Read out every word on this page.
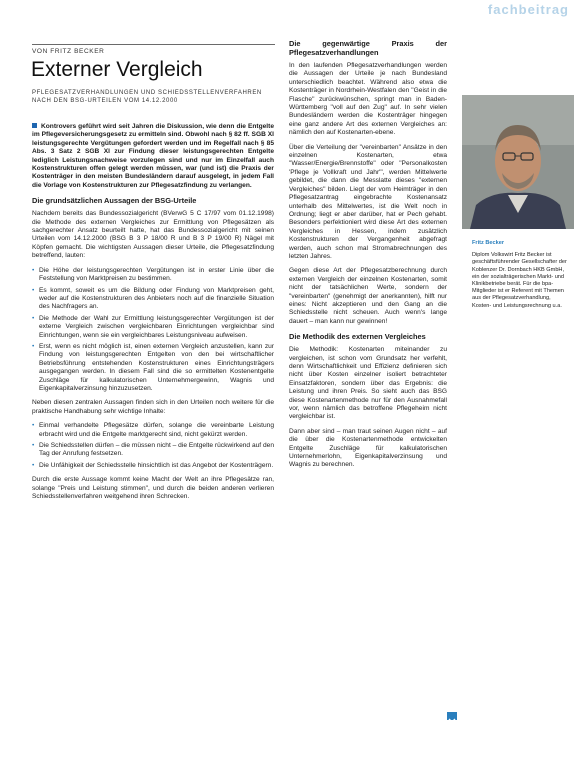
fachbeitrag
VON FRITZ BECKER
Externer Vergleich
PFLEGESATZVERHANDLUNGEN UND SCHIEDSSTELLENVERFAHREN NACH DEN BSG-URTEILEN VOM 14.12.2000

Kontrovers geführt wird seit Jahren die Diskussion, wie denn die Entgelte im Pflegeversicherungsgesetz zu ermitteln sind. Obwohl nach § 82 ff. SGB XI leistungsgerechte Vergütungen gefordert werden und im Regelfall nach § 85 Abs. 3 Satz 2 SGB XI zur Findung dieser leistungsgerechten Entgelte lediglich Leistungsnachweise vorzulegen sind und nur im Einzelfall auch Kostenstrukturen offen gelegt werden müssen, war (und ist) die Praxis der Kostenträger in den meisten Bundesländern darauf ausgelegt, in jedem Fall die Vorlage von Kostenstrukturen zur Pflegesatzfindung zu verlangen.

Die grundsätzlichen Aussagen der BSG-Urteile

Nachdem bereits das Bundessozialgericht (BVerwG 5 C 17/97 vom 01.12.1998) die Methode des externen Vergleiches zur Ermittlung von Pflegesätzen als sachgerechter Ansatz beurteilt hatte, hat das Bundessozialgericht mit seinen Urteilen vom 14.12.2000 (BSG B 3 P 18/00 R und B 3 P 19/00 R) Nägel mit Köpfen gemacht. Die wichtigsten Aussagen dieser Urteile, die Pflegesatzfindung betreffend, lauten:

• Die Höhe der leistungsgerechten Vergütungen ist in erster Linie über die Feststellung von Marktpreisen zu bestimmen.
• Es kommt, soweit es um die Bildung oder Findung von Marktpreisen geht, weder auf die Kostenstrukturen des Anbieters noch auf die finanzielle Situation des Nachfragers an.
• Die Methode der Wahl zur Ermittlung leistungsgerechter Vergütungen ist der externe Vergleich zwischen vergleichbaren Einrichtungen vergleichbar sind Einrichtungen, wenn sie ein vergleichbares Leistungsniveau aufweisen.
• Erst, wenn es nicht möglich ist, einen externen Vergleich anzustellen, kann zur Findung von leistungsgerechten Entgelten von den bei wirtschaftlicher Betriebsführung entstehenden Kostenstrukturen eines Einrichtungsträgers ausgegangen werden. In diesem Fall sind die so ermittelten Kostenentgelte Zuschläge für kalkulatorischen Unternehmergewinn, Wagnis und Eigenkapitalverzinsung hinzuzusetzen.

Neben diesen zentralen Aussagen finden sich in den Urteilen noch weitere für die praktische Handhabung sehr wichtige Inhalte:

• Einmal verhandelte Pflegesätze dürfen, solange die vereinbarte Leistung erbracht wird und die Entgelte marktgerecht sind, nicht gekürzt werden.
• Die Schiedsstellen dürfen – die müssen nicht – die Entgelte rückwirkend auf den Tag der Anrufung festsetzen.
• Die Unfähigkeit der Schiedsstelle hinsichtlich ist das Angebot der Kostenträgern.

Durch die erste Aussage kommt keine Macht der Welt an ihre Pflegesätze ran, solange "Preis und Leistung stimmen", und durch die beiden anderen verlieren Schiedsstellenverfahren weitgehend ihren Schrecken.

Die gegenwärtige Praxis der Pflegesatzverhandlungen

In den laufenden Pflegesatzverhandlungen werden die Aussagen der Urteile je nach Bundesland unterschiedlich beachtet. Während also etwa die Kostenträger in Nordrhein-Westfalen den "Geist in die Flasche" zurückwünschen, springt man in Baden-Württemberg "voll auf den Zug" auf. In sehr vielen Bundesländern werden die Kostenträger hingegen eine ganz andere Art des externen Vergleiches an: nämlich den auf Kostenarten-ebene.

Über die Verteilung der "vereinbarten" Ansätze in den einzelnen Kostenarten, etwa "Wasser/Energie/Brennstoffe" oder "Personalkosten 'Pflege je Vollkraft und Jahr'", werden Mittelwerte gebildet, die dann die Messlatte dieses "externen Vergleiches" bilden. Liegt der vom Heimträger in den Pflegesatzantrag eingebrachte Kostenansatz unterhalb des Mittelwertes, ist die Welt noch in Ordnung; liegt er aber darüber, hat er Pech gehabt. Besonders perfektioniert wird diese Art des externen Vergleiches in Hessen, indem zusätzlich Kostenstrukturen der Vergangenheit abgefragt werden, auch schon mal Stromabrechnungen des letzten Jahres.

Gegen diese Art der Pflegesatzberechnung durch externen Vergleich der einzelnen Kostenarten, somit nicht der tatsächlichen Werte, sondern der "vereinbarten" (genehmigt der anerkannten), hilft nur eines: Nicht akzeptieren und den Gang an die Schiedsstelle nicht scheuen. Auch wenn's lange dauert – man kann nur gewinnen!

Die Methodik des externen Vergleiches

Die Methodik: Kostenarten miteinander zu vergleichen, ist schon vom Grundsatz her verfehlt, denn Wirtschaftlichkeit und Effizienz definieren sich nicht über Kosten einzelner isoliert betrachteter Einsatzfaktoren, sondern über das Ergebnis: die Leistung und ihren Preis. So sieht auch das BSG diese Kostenartenmethode nur für den Ausnahmefall vor, wenn nämlich das betroffene Pflegeheim nicht vergleichbar ist.

Dann aber sind – man traut seinen Augen nicht – auf die über die Kostenartenmethode entwickelten Entgelte Zuschläge für kalkulatorischen Unternehmerlohn, Eigenkapitalverzinsung und Wagnis zu berechnen.

Fritz Becker
Diplom Volkswirt Fritz Becker ist geschäftsführender Gesellschafter der Koblenzer Dr. Dornbach HKB GmbH, ein der sozialträgerischen Markt- und Klinikbetriebe berät. Für die bpa-Mitglieder ist er Referent mit Themen aus der Pflegesatzverhandlung, Kosten- und Leistungsrechnung u.a.
